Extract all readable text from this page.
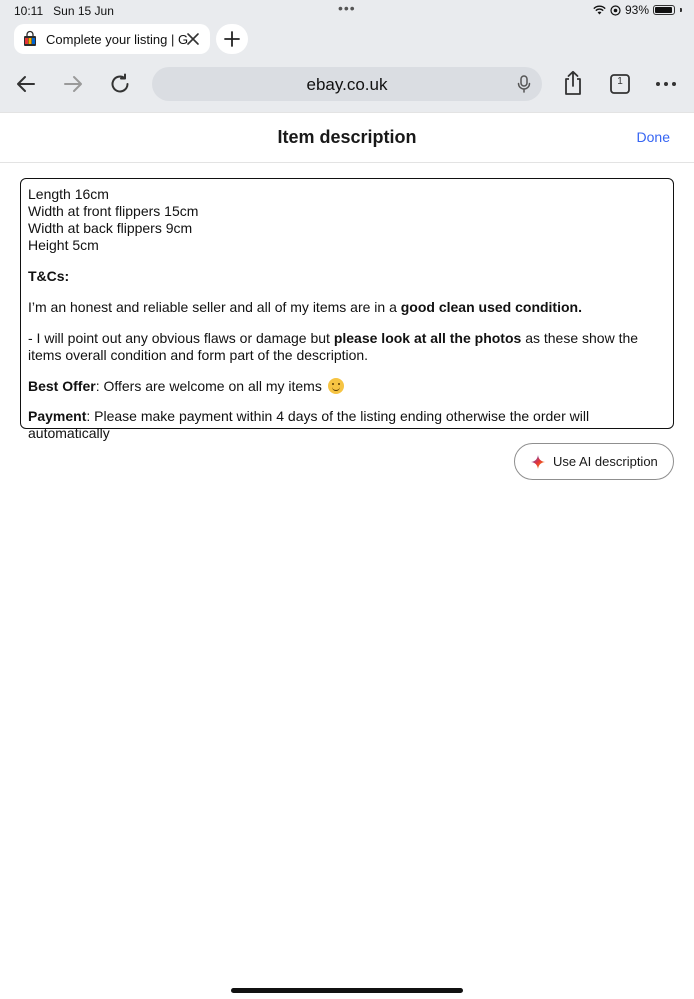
10:11 Sun 15 Jun	•••	93%
Complete your listing | G
ebay.co.uk	1
Item description	Done

Length 16cm

Width at front flippers 15cm

Width at back flippers 9cm

Height 5cm

T&Cs:

I’m an honest and reliable seller and all of my items are in a good clean used condition.

- I will point out any obvious flaws or damage but please look at all the photos as these show the items overall condition and form part of the description.

Best Offer: Offers are welcome on all my items

Payment: Please make payment within 4 days of the listing ending otherwise the order will automatically

Use AI description
